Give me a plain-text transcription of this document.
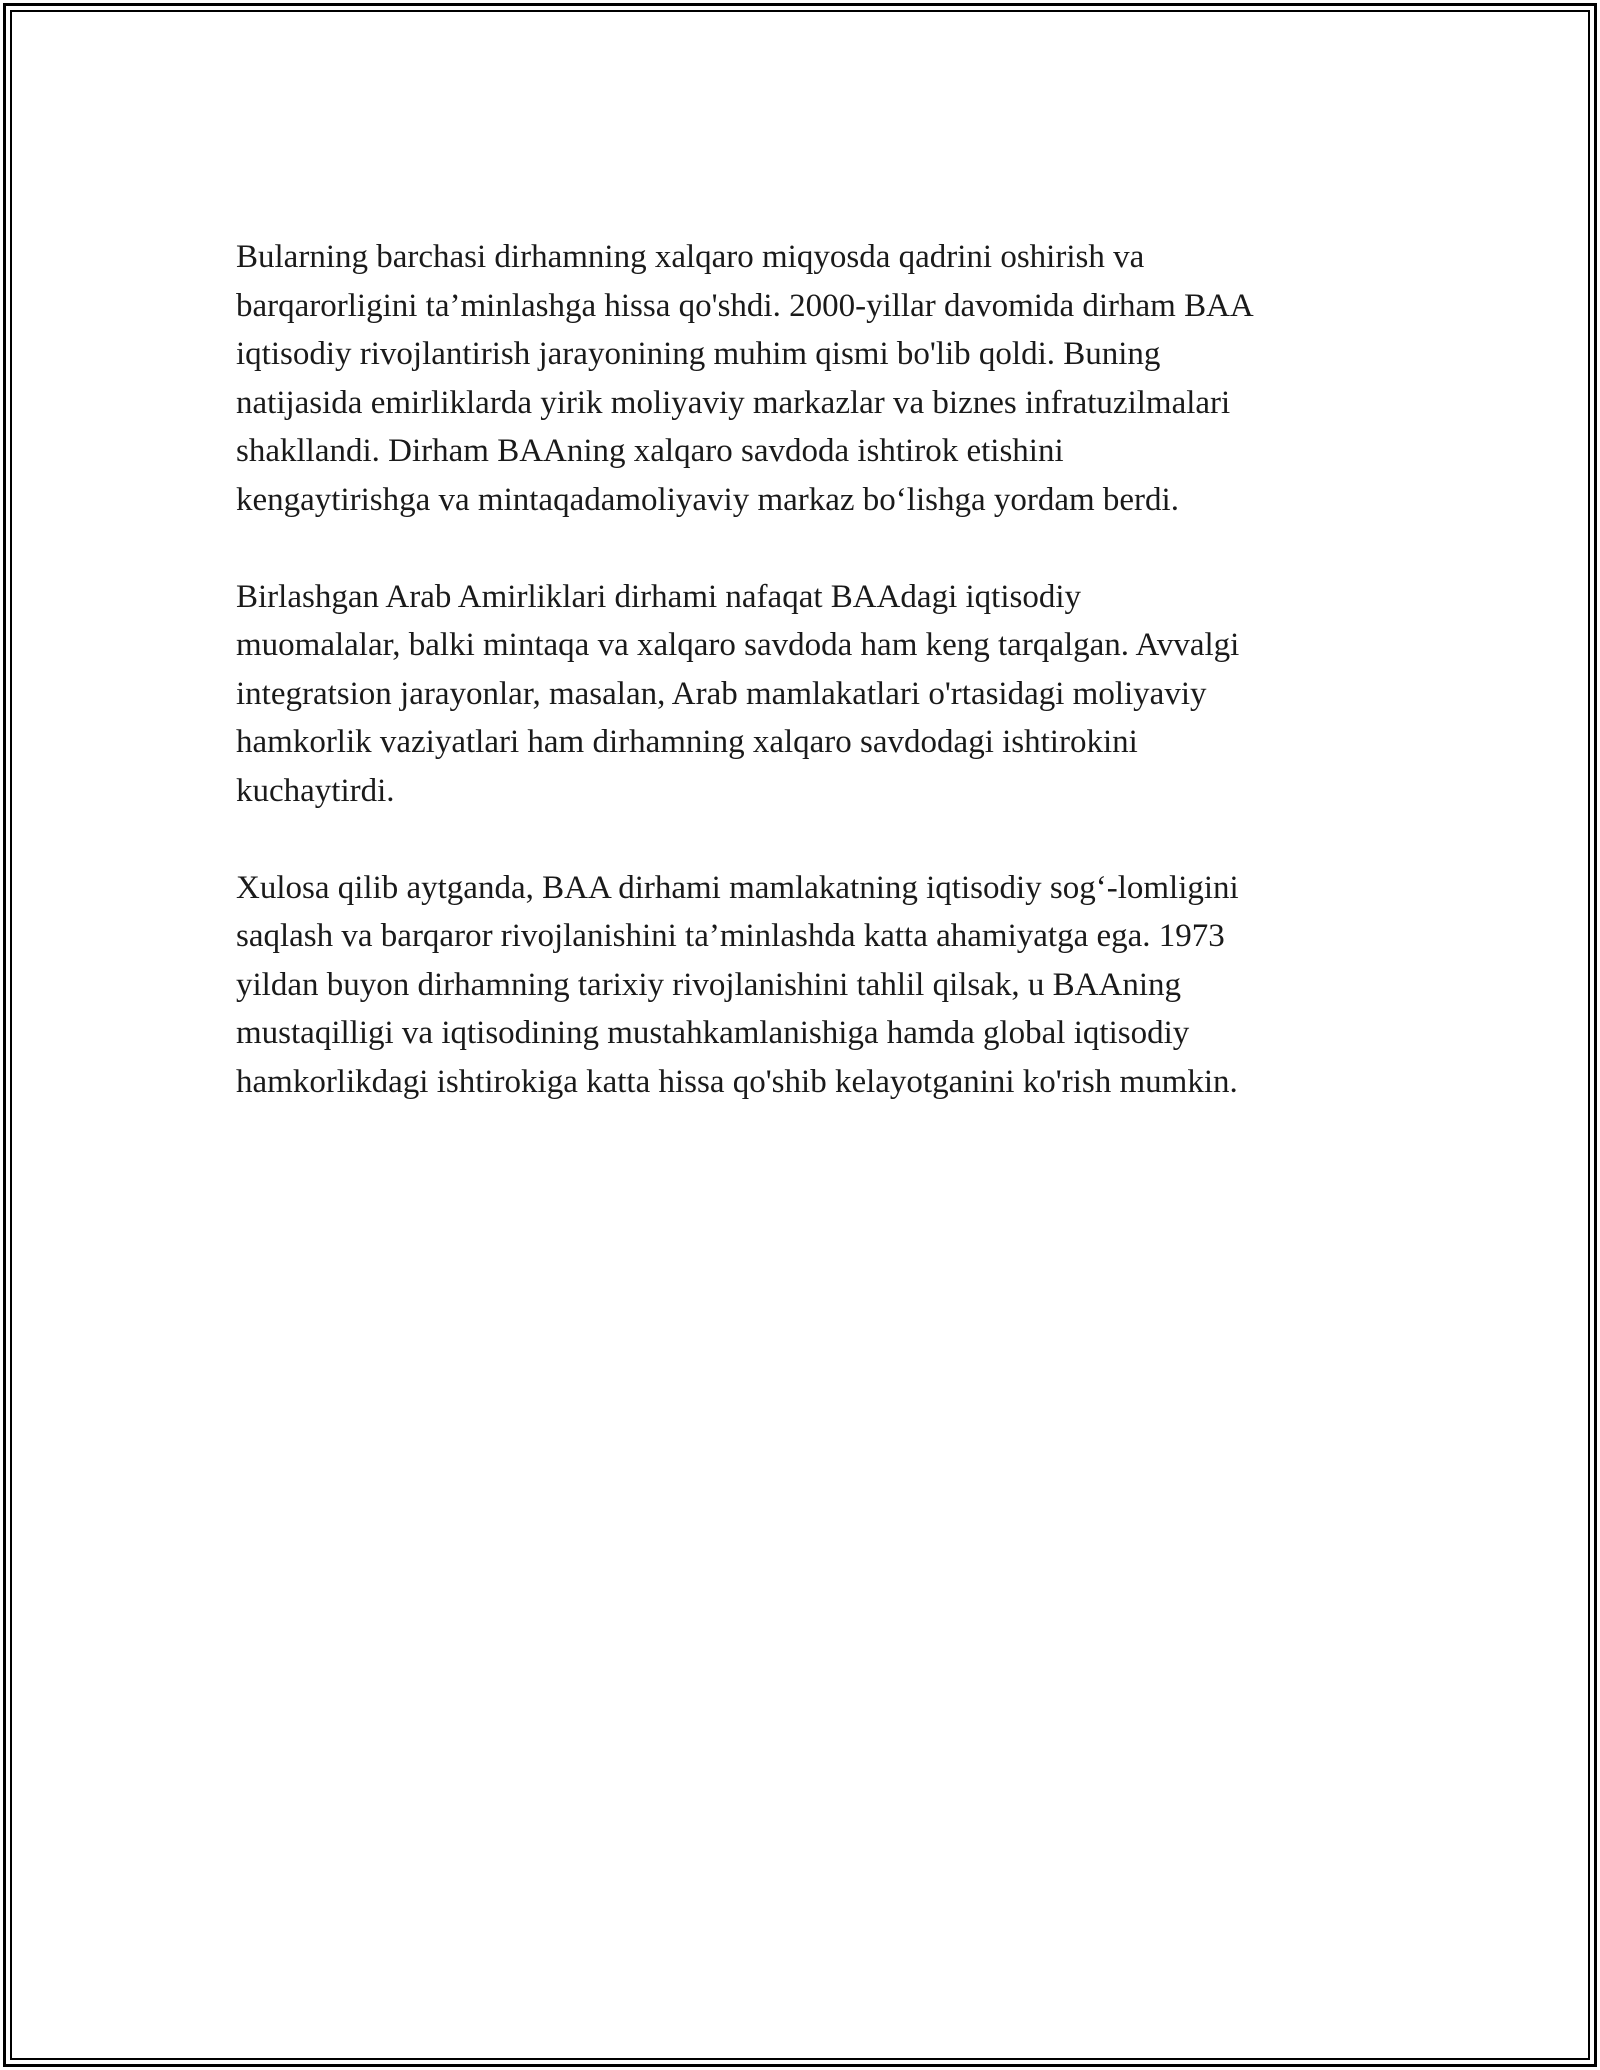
Bularning barchasi dirhamning xalqaro miqyosda qadrini oshirish va
barqarorligini ta’minlashga hissa qo'shdi. 2000-yillar davomida dirham BAA
iqtisodiy rivojlantirish jarayonining muhim qismi bo'lib qoldi. Buning
natijasida emirliklarda yirik moliyaviy markazlar va biznes infratuzilmalari
shakllandi. Dirham BAAning xalqaro savdoda ishtirok etishini
kengaytirishga va mintaqadamoliyaviy markaz bo‘lishga yordam berdi.

Birlashgan Arab Amirliklari dirhami nafaqat BAAdagi iqtisodiy
muomalalar, balki mintaqa va xalqaro savdoda ham keng tarqalgan. Avvalgi
integratsion jarayonlar, masalan, Arab mamlakatlari o'rtasidagi moliyaviy
hamkorlik vaziyatlari ham dirhamning xalqaro savdodagi ishtirokini
kuchaytirdi.

Xulosa qilib aytganda, BAA dirhami mamlakatning iqtisodiy sog‘-lomligini
saqlash va barqaror rivojlanishini ta’minlashda katta ahamiyatga ega. 1973
yildan buyon dirhamning tarixiy rivojlanishini tahlil qilsak, u BAAning
mustaqilligi va iqtisodining mustahkamlanishiga hamda global iqtisodiy
hamkorlikdagi ishtirokiga katta hissa qo'shib kelayotganini ko'rish mumkin.
